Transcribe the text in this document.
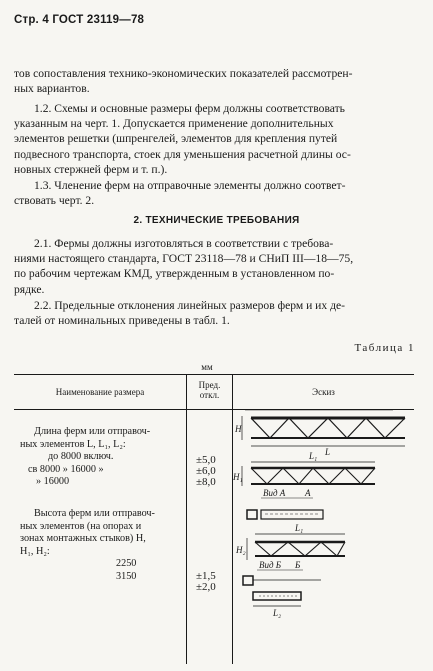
Стр. 4 ГОСТ 23119—78
тов сопоставления технико-экономических показателей рассмотрен-
ных вариантов.
1.2. Схемы и основные размеры ферм должны соответствовать
указанным на черт. 1. Допускается применение дополнительных
элементов решетки (шпренгелей, элементов для крепления путей
подвесного транспорта, стоек для уменьшения расчетной длины ос-
новных стержней ферм и т. п.).
1.3. Членение ферм на отправочные элементы должно соответ-
ствовать черт. 2.
2. ТЕХНИЧЕСКИЕ ТРЕБОВАНИЯ
2.1. Фермы должны изготовляться в соответствии с требова-
ниями настоящего стандарта, ГОСТ 23118—78 и СНиП III—18—75,
по рабочим чертежам КМД, утвержденным в установленном по-
рядке.
2.2. Предельные отклонения линейных размеров ферм и их де-
талей от номинальных приведены в табл. 1.
Таблица 1
мм
Наименование размера
Пред.
откл.	Эскиз
Длина ферм или отправоч-
ных элементов L, L₁, L₂:
до 8000 включ.
св 8000 » 16000 »
» 16000
±5,0
±6,0
±8,0
Высота ферм или отправоч-
ных элементов (на опорах и
зонах монтажных стыков) H,
H₁, H₂:
2250
3150	±1,5
±2,0
H
L
H₁
L₁
Вид А А
L₁
H₂
Вид Б Б
L₂
